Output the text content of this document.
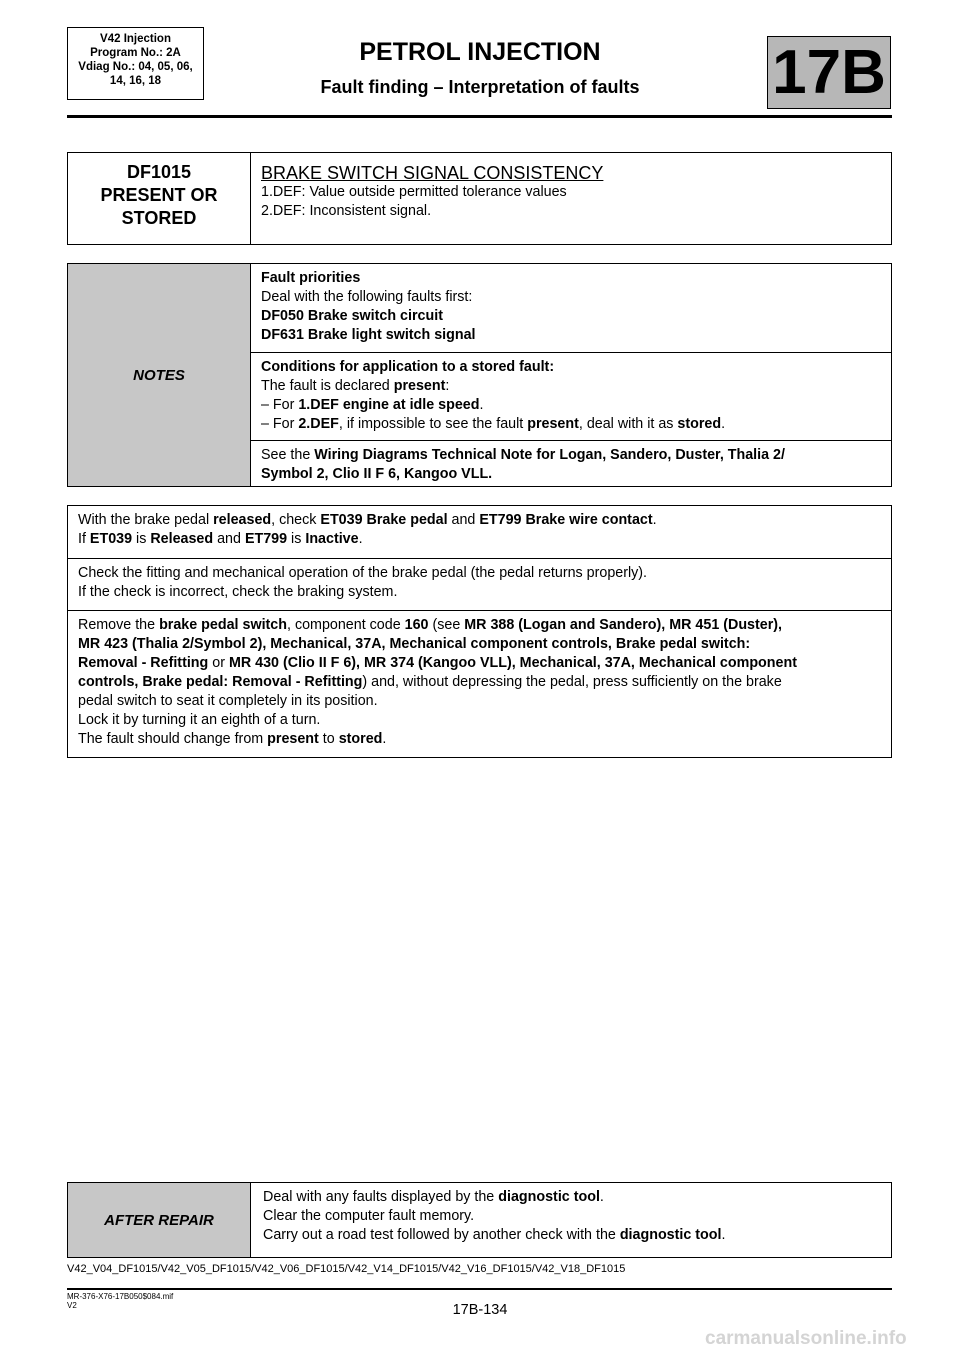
V42 Injection
Program No.: 2A
Vdiag No.: 04, 05, 06,
14, 16, 18
PETROL INJECTION
Fault finding – Interpretation of faults	17B
DF1015
PRESENT OR
STORED
BRAKE SWITCH SIGNAL CONSISTENCY
1.DEF: Value outside permitted tolerance values
2.DEF: Inconsistent signal.
NOTES
Fault priorities
Deal with the following faults first:
DF050 Brake switch circuit
DF631 Brake light switch signal
Conditions for application to a stored fault:
The fault is declared present:
– For 1.DEF engine at idle speed.
– For 2.DEF, if impossible to see the fault present, deal with it as stored.
See the Wiring Diagrams Technical Note for Logan, Sandero, Duster, Thalia 2/
Symbol 2, Clio II F 6, Kangoo VLL.
With the brake pedal released, check ET039 Brake pedal and ET799 Brake wire contact.
If ET039 is Released and ET799 is Inactive.
Check the fitting and mechanical operation of the brake pedal (the pedal returns properly).
If the check is incorrect, check the braking system.
Remove the brake pedal switch, component code 160 (see MR 388 (Logan and Sandero), MR 451 (Duster),
MR 423 (Thalia 2/Symbol 2), Mechanical, 37A, Mechanical component controls, Brake pedal switch:
Removal - Refitting or MR 430 (Clio II F 6), MR 374 (Kangoo VLL), Mechanical, 37A, Mechanical component
controls, Brake pedal: Removal - Refitting) and, without depressing the pedal, press sufficiently on the brake
pedal switch to seat it completely in its position.
Lock it by turning it an eighth of a turn.
The fault should change from present to stored.
AFTER REPAIR
Deal with any faults displayed by the diagnostic tool.
Clear the computer fault memory.
Carry out a road test followed by another check with the diagnostic tool.
V42_V04_DF1015/V42_V05_DF1015/V42_V06_DF1015/V42_V14_DF1015/V42_V16_DF1015/V42_V18_DF1015
MR-376-X76-17B050$084.mif
V2	17B-134
carmanualsonline.info
